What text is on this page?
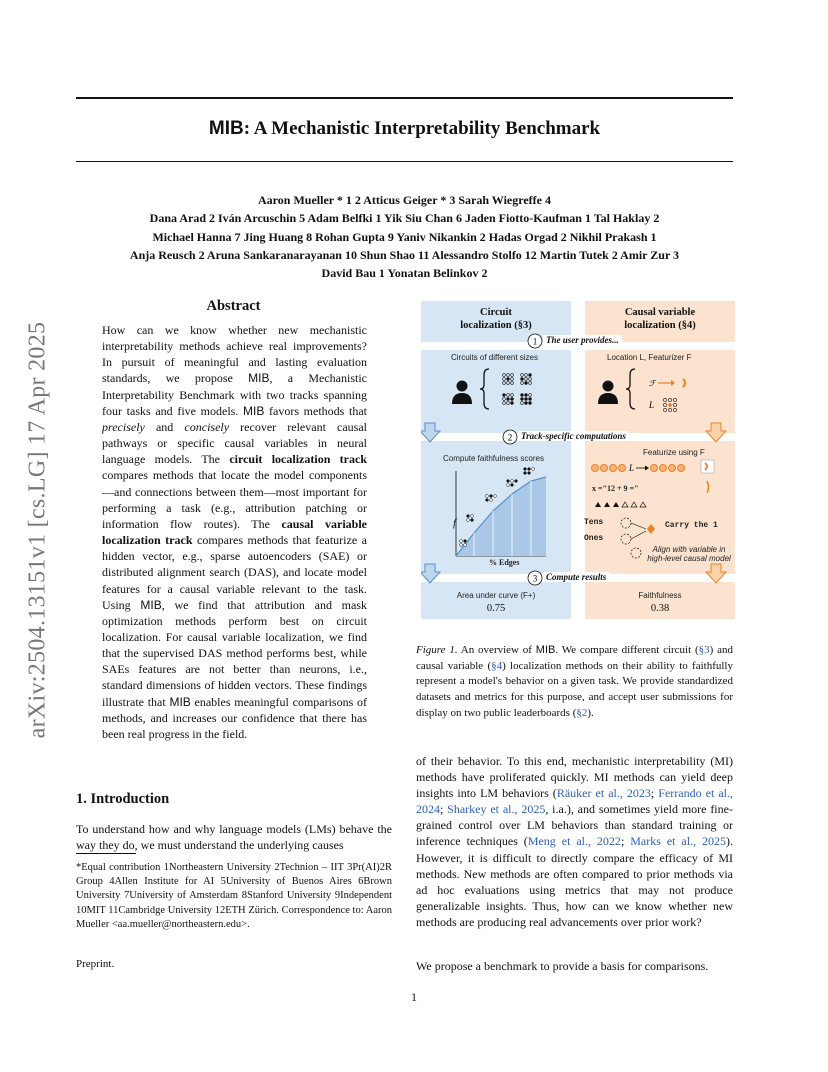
arXiv:2504.13151v1 [cs.LG] 17 Apr 2025
MIB: A Mechanistic Interpretability Benchmark
Aaron Mueller * 1 2 Atticus Geiger * 3 Sarah Wiegreffe 4
Dana Arad 2 Iván Arcuschin 5 Adam Belfki 1 Yik Siu Chan 6 Jaden Fiotto-Kaufman 1 Tal Haklay 2
Michael Hanna 7 Jing Huang 8 Rohan Gupta 9 Yaniv Nikankin 2 Hadas Orgad 2 Nikhil Prakash 1
Anja Reusch 2 Aruna Sankaranarayanan 10 Shun Shao 11 Alessandro Stolfo 12 Martin Tutek 2 Amir Zur 3
David Bau 1 Yonatan Belinkov 2
Abstract
How can we know whether new mechanistic interpretability methods achieve real improvements? In pursuit of meaningful and lasting evaluation standards, we propose MIB, a Mechanistic Interpretability Benchmark with two tracks spanning four tasks and five models. MIB favors methods that precisely and concisely recover relevant causal pathways or specific causal variables in neural language models. The circuit localization track compares methods that locate the model components—and connections between them—most important for performing a task (e.g., attribution patching or information flow routes). The causal variable localization track compares methods that featurize a hidden vector, e.g., sparse autoencoders (SAE) or distributed alignment search (DAS), and locate model features for a causal variable relevant to the task. Using MIB, we find that attribution and mask optimization methods perform best on circuit localization. For causal variable localization, we find that the supervised DAS method performs best, while SAEs features are not better than neurons, i.e., standard dimensions of hidden vectors. These findings illustrate that MIB enables meaningful comparisons of methods, and increases our confidence that there has been real progress in the field.
1. Introduction
To understand how and why language models (LMs) behave the way they do, we must understand the underlying causes
*Equal contribution 1Northeastern University 2Technion – IIT 3Pr(AI)2R Group 4Allen Institute for AI 5University of Buenos Aires 6Brown University 7University of Amsterdam 8Stanford University 9Independent 10MIT 11Cambridge University 12ETH Zürich. Correspondence to: Aaron Mueller <aa.mueller@northeastern.edu>.
Preprint.
1
1
2
3
ℱ
L
L
Circuit
localization (§3)
Causal variable
localization (§4)
The user provides...
Track-specific computations
Compute results
Circuits of different sizes	Location L, Featurizer F
Compute faithfulness scores
Featurize using F
f
% Edges
x ="12 + 9 ="
Tens
Ones
Carry the 1
Align with variable in
high-level causal model
Area under curve (F+)
0.75
Faithfulness
0.38
Figure 1. An overview of MIB. We compare different circuit (§3) and causal variable (§4) localization methods on their ability to faithfully represent a model's behavior on a given task. We provide standardized datasets and metrics for this purpose, and accept user submissions for display on two public leaderboards (§2).
of their behavior. To this end, mechanistic interpretability (MI) methods have proliferated quickly. MI methods can yield deep insights into LM behaviors (Räuker et al., 2023; Ferrando et al., 2024; Sharkey et al., 2025, i.a.), and sometimes yield more fine-grained control over LM behaviors than standard training or inference techniques (Meng et al., 2022; Marks et al., 2025). However, it is difficult to directly compare the efficacy of MI methods. New methods are often compared to prior methods via ad hoc evaluations using metrics that may not produce generalizable insights. Thus, how can we know whether new methods are producing real advancements over prior work?
We propose a benchmark to provide a basis for comparisons.
